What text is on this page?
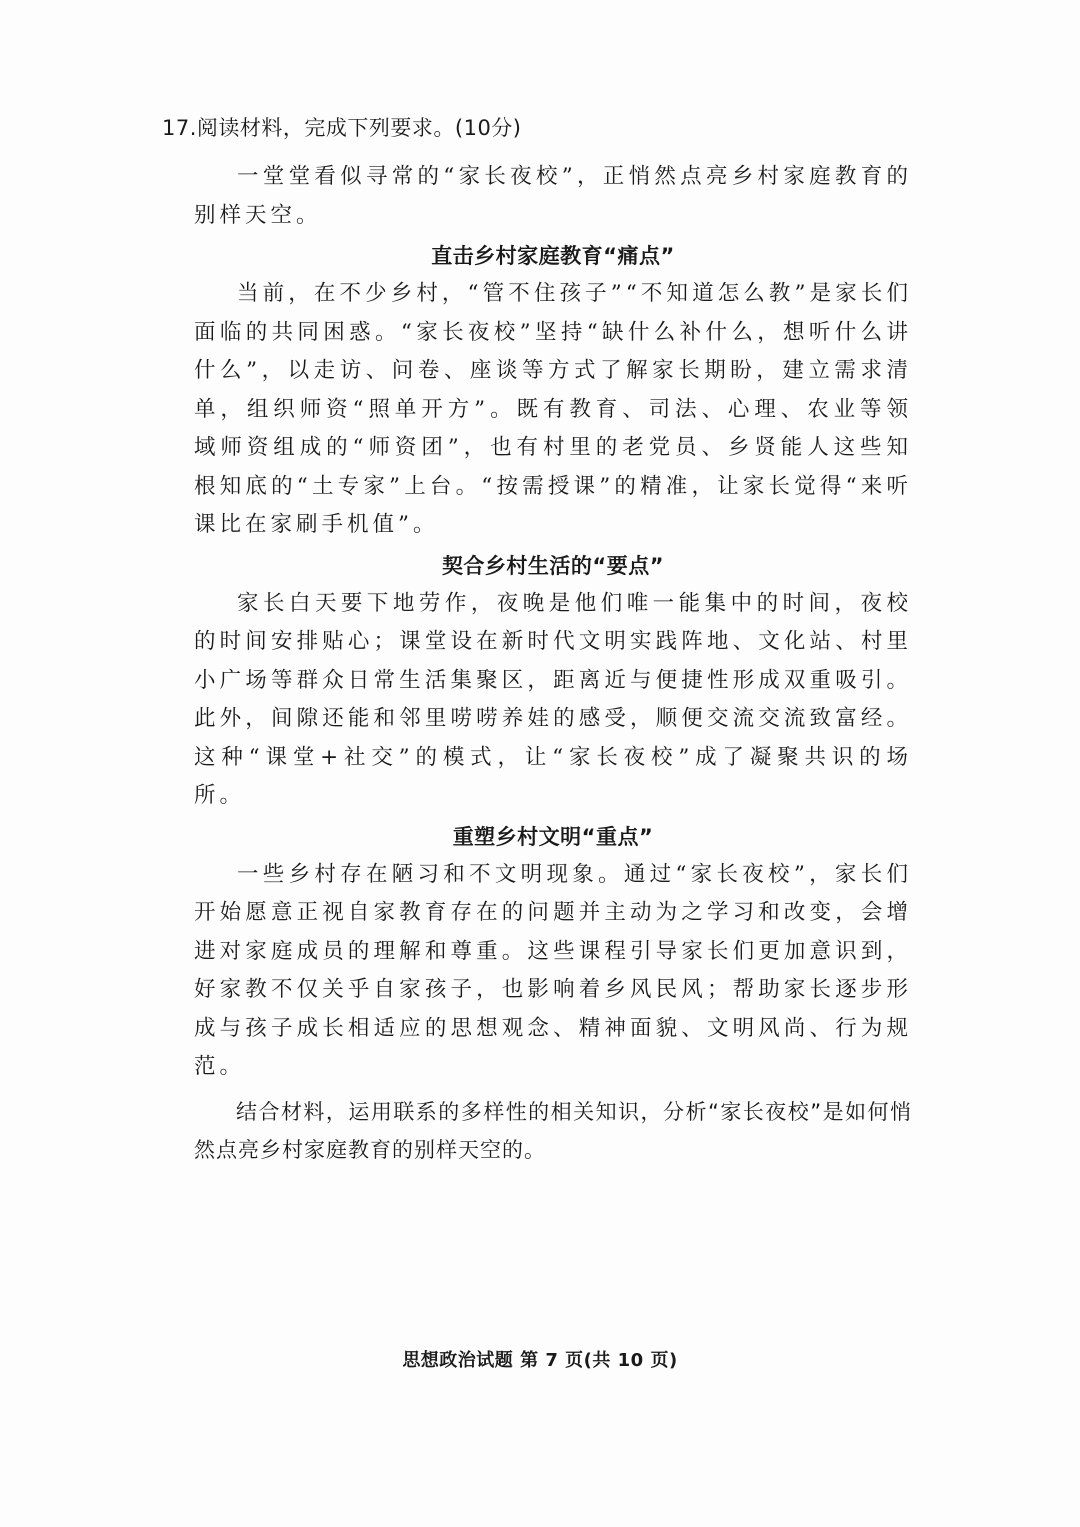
17.阅读材料，完成下列要求。(10分)

一堂堂看似寻常的“家长夜校”，正悄然点亮乡村家庭教育的别样天空。

直击乡村家庭教育“痛点”

当前，在不少乡村，“管不住孩子”“不知道怎么教”是家长们面临的共同困惑。“家长夜校”坚持“缺什么补什么，想听什么讲什么”，以走访、问卷、座谈等方式了解家长期盼，建立需求清单，组织师资“照单开方”。既有教育、司法、心理、农业等领域师资组成的“师资团”，也有村里的老党员、乡贤能人这些知根知底的“土专家”上台。“按需授课”的精准，让家长觉得“来听课比在家刷手机值”。

契合乡村生活的“要点”

家长白天要下地劳作，夜晚是他们唯一能集中的时间，夜校的时间安排贴心；课堂设在新时代文明实践阵地、文化站、村里小广场等群众日常生活集聚区，距离近与便捷性形成双重吸引。此外，间隙还能和邻里唠唠养娃的感受，顺便交流交流致富经。这种“课堂+社交”的模式，让“家长夜校”成了凝聚共识的场所。

重塑乡村文明“重点”

一些乡村存在陋习和不文明现象。通过“家长夜校”，家长们开始愿意正视自家教育存在的问题并主动为之学习和改变，会增进对家庭成员的理解和尊重。这些课程引导家长们更加意识到，好家教不仅关乎自家孩子，也影响着乡风民风；帮助家长逐步形成与孩子成长相适应的思想观念、精神面貌、文明风尚、行为规范。

结合材料，运用联系的多样性的相关知识，分析“家长夜校”是如何悄然点亮乡村家庭教育的别样天空的。

思想政治试题 第 7 页(共 10 页)
